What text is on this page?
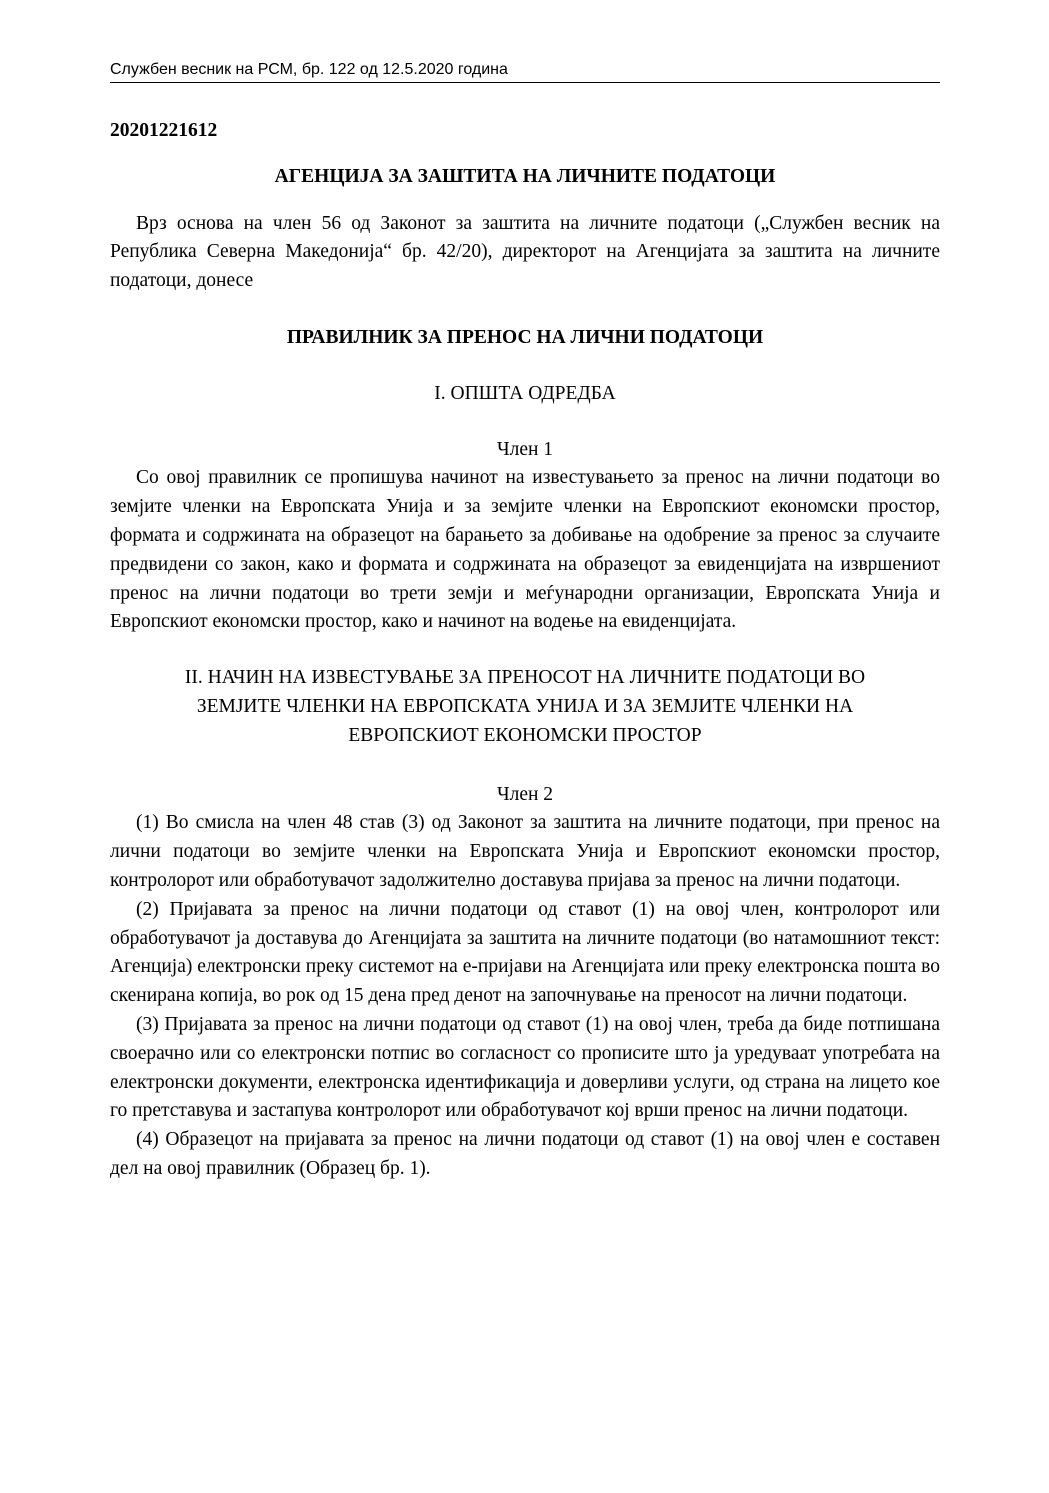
Службен весник на РСМ, бр. 122 од 12.5.2020 година
20201221612
АГЕНЦИЈА ЗА ЗАШТИТА НА ЛИЧНИТЕ ПОДАТОЦИ

Врз основа на член 56 од Законот за заштита на личните податоци („Службен весник на Република Северна Македонија“ бр. 42/20), директорот на Агенцијата за заштита на личните податоци, донесе

ПРАВИЛНИК ЗА ПРЕНОС НА ЛИЧНИ ПОДАТОЦИ
I. ОПШТА ОДРЕДБА
Член 1

Со овој правилник се пропишува начинот на известувањето за пренос на лични податоци во земјите членки на Европската Унија и за земјите членки на Европскиот економски простор, формата и содржината на образецот на барањето за добивање на одобрение за пренос за случаите предвидени со закон, како и формата и содржината на образецот за евиденцијата на извршениот пренос на лични податоци во трети земји и меѓународни организации, Европската Унија и Европскиот економски простор, како и начинот на водење на евиденцијата.

II. НАЧИН НА ИЗВЕСТУВАЊЕ ЗА ПРЕНОСОТ НА ЛИЧНИТЕ ПОДАТОЦИ ВО
ЗЕМЈИТЕ ЧЛЕНКИ НА ЕВРОПСКАТА УНИЈА И ЗА ЗЕМЈИТЕ ЧЛЕНКИ НА
ЕВРОПСКИОТ ЕКОНОМСКИ ПРОСТОР
Член 2

(1) Во смисла на член 48 став (3) од Законот за заштита на личните податоци, при пренос на лични податоци во земјите членки на Европската Унија и Европскиот економски простор, контролорот или обработувачот задолжително доставува пријава за пренос на лични податоци.

(2) Пријавата за пренос на лични податоци од ставот (1) на овој член, контролорот или обработувачот ја доставува до Агенцијата за заштита на личните податоци (во натамошниот текст: Агенција) електронски преку системот на е-пријави на Агенцијата или преку електронска пошта во скенирана копија, во рок од 15 дена пред денот на започнување на преносот на лични податоци.

(3) Пријавата за пренос на лични податоци од ставот (1) на овој член, треба да биде потпишана своерачно или со електронски потпис во согласност со прописите што ја уредуваат употребата на електронски документи, електронска идентификација и доверливи услуги, од страна на лицето кое го претставува и застапува контролорот или обработувачот кој врши пренос на лични податоци.

(4) Образецот на пријавата за пренос на лични податоци од ставот (1) на овој член е составен дел на овој правилник (Образец бр. 1).
